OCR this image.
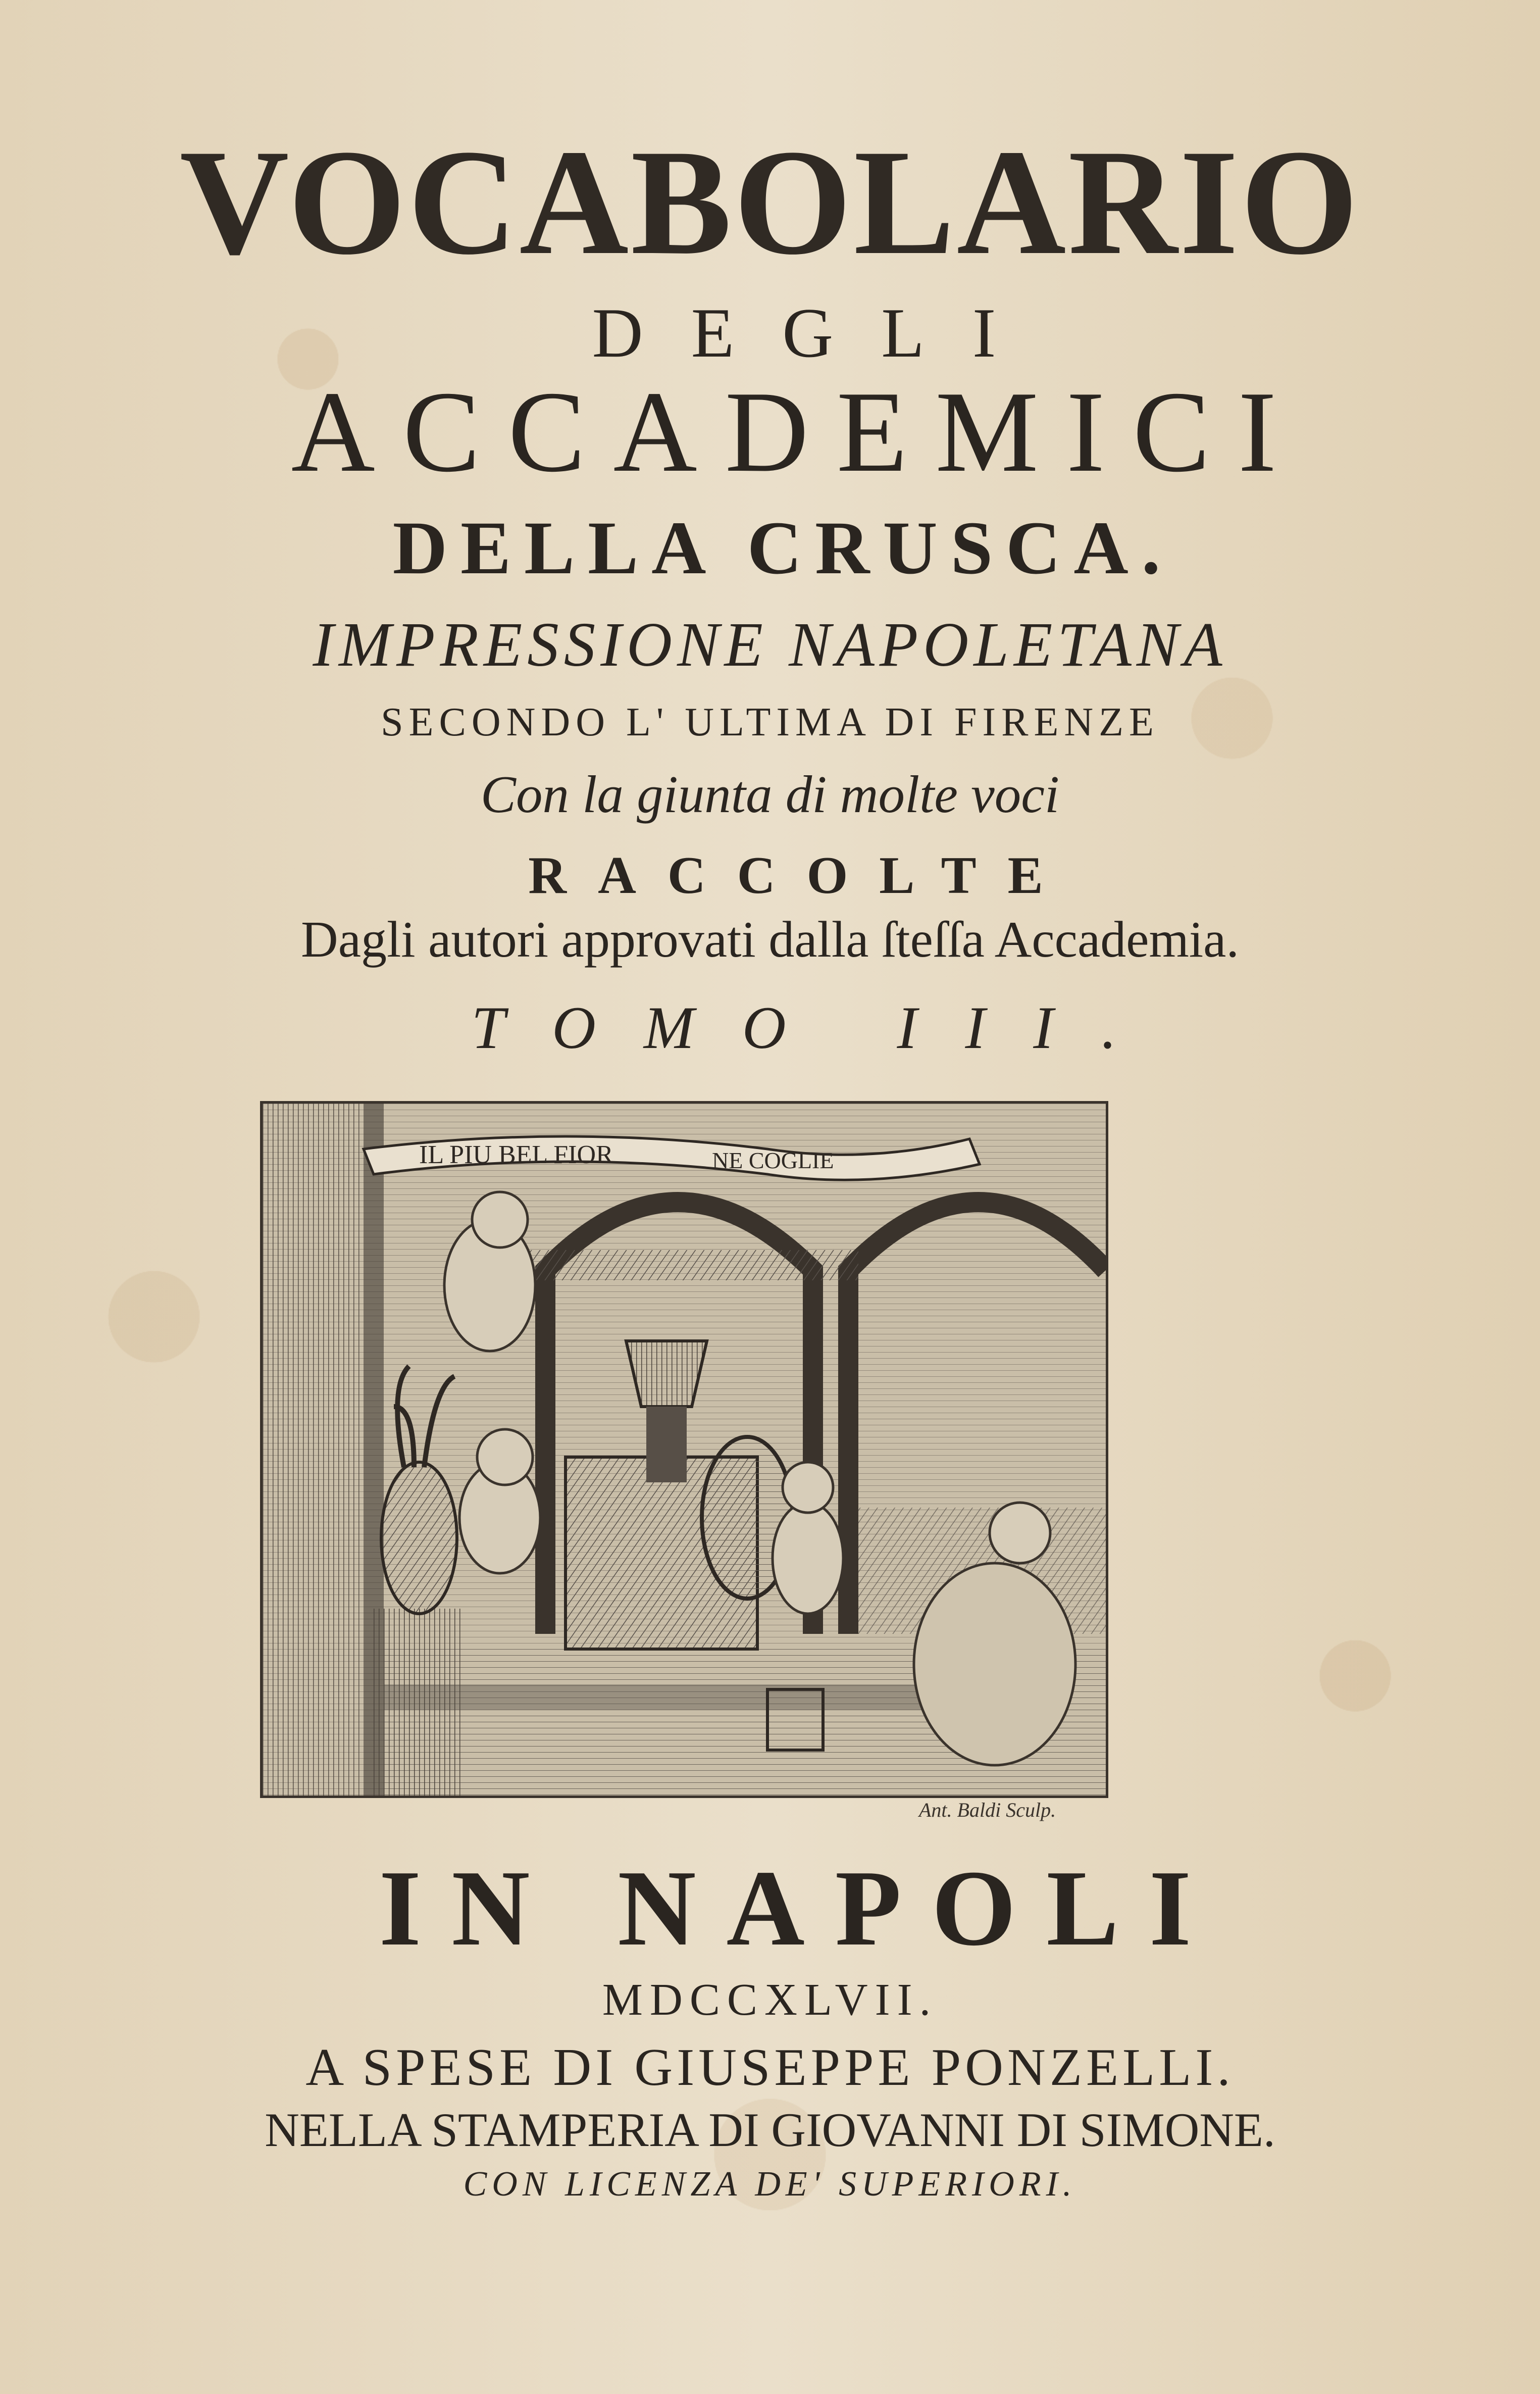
VOCABOLARIO
DEGLI
ACCADEMICI
DELLA CRUSCA.
IMPRESSIONE NAPOLETANA
SECONDO L' ULTIMA DI FIRENZE
Con la giunta di molte voci
RACCOLTE
Dagli autori approvati dalla ſteſſa Accademia.
TOMO III.
IL PIU BEL FIOR	NE COGLIE
Ant. Baldi Sculp.
IN NAPOLI
MDCCXLVII.
A SPESE DI GIUSEPPE PONZELLI.
NELLA STAMPERIA DI GIOVANNI DI SIMONE.
CON LICENZA DE' SUPERIORI.
